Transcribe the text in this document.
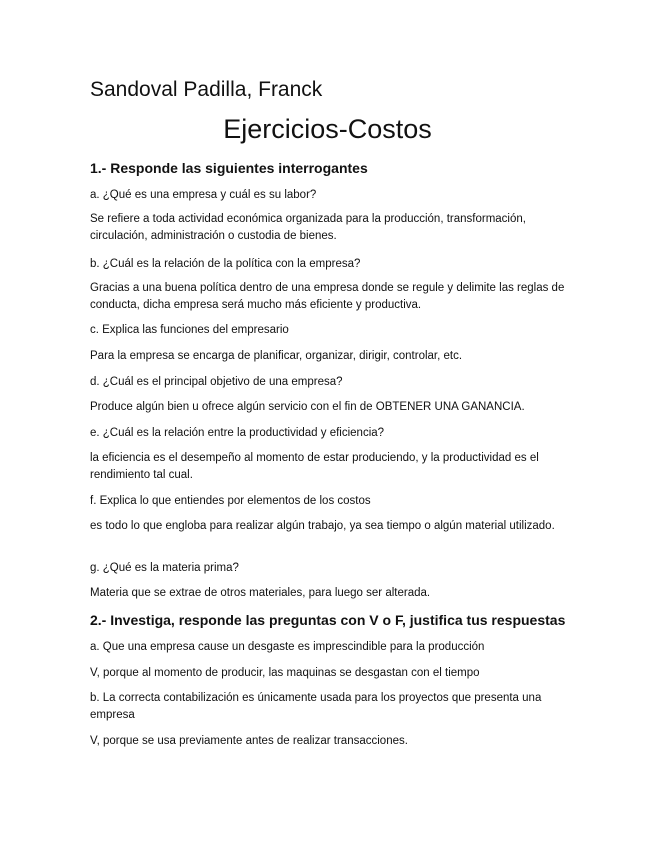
Sandoval Padilla, Franck

Ejercicios-Costos

1.- Responde las siguientes interrogantes

a. ¿Qué es una empresa y cuál es su labor?

Se refiere a toda actividad económica organizada para la producción, transformación, circulación, administración o custodia de bienes.

b. ¿Cuál es la relación de la política con la empresa?

Gracias a una buena política dentro de una empresa donde se regule y delimite las reglas de conducta, dicha empresa será mucho más eficiente y productiva.

c. Explica las funciones del empresario

Para la empresa se encarga de planificar, organizar, dirigir, controlar, etc.

d. ¿Cuál es el principal objetivo de una empresa?

Produce algún bien u ofrece algún servicio con el fin de OBTENER UNA GANANCIA.

e. ¿Cuál es la relación entre la productividad y eficiencia?

la eficiencia es el desempeño al momento de estar produciendo, y la productividad es el rendimiento tal cual.

f. Explica lo que entiendes por elementos de los costos

es todo lo que engloba para realizar algún trabajo, ya sea tiempo o algún material utilizado.

g. ¿Qué es la materia prima?

Materia que se extrae de otros materiales, para luego ser alterada.

2.- Investiga, responde las preguntas con V o F, justifica tus respuestas

a. Que una empresa cause un desgaste es imprescindible para la producción

V, porque al momento de producir, las maquinas se desgastan con el tiempo

b. La correcta contabilización es únicamente usada para los proyectos que presenta una empresa

V, porque se usa previamente antes de realizar transacciones.
